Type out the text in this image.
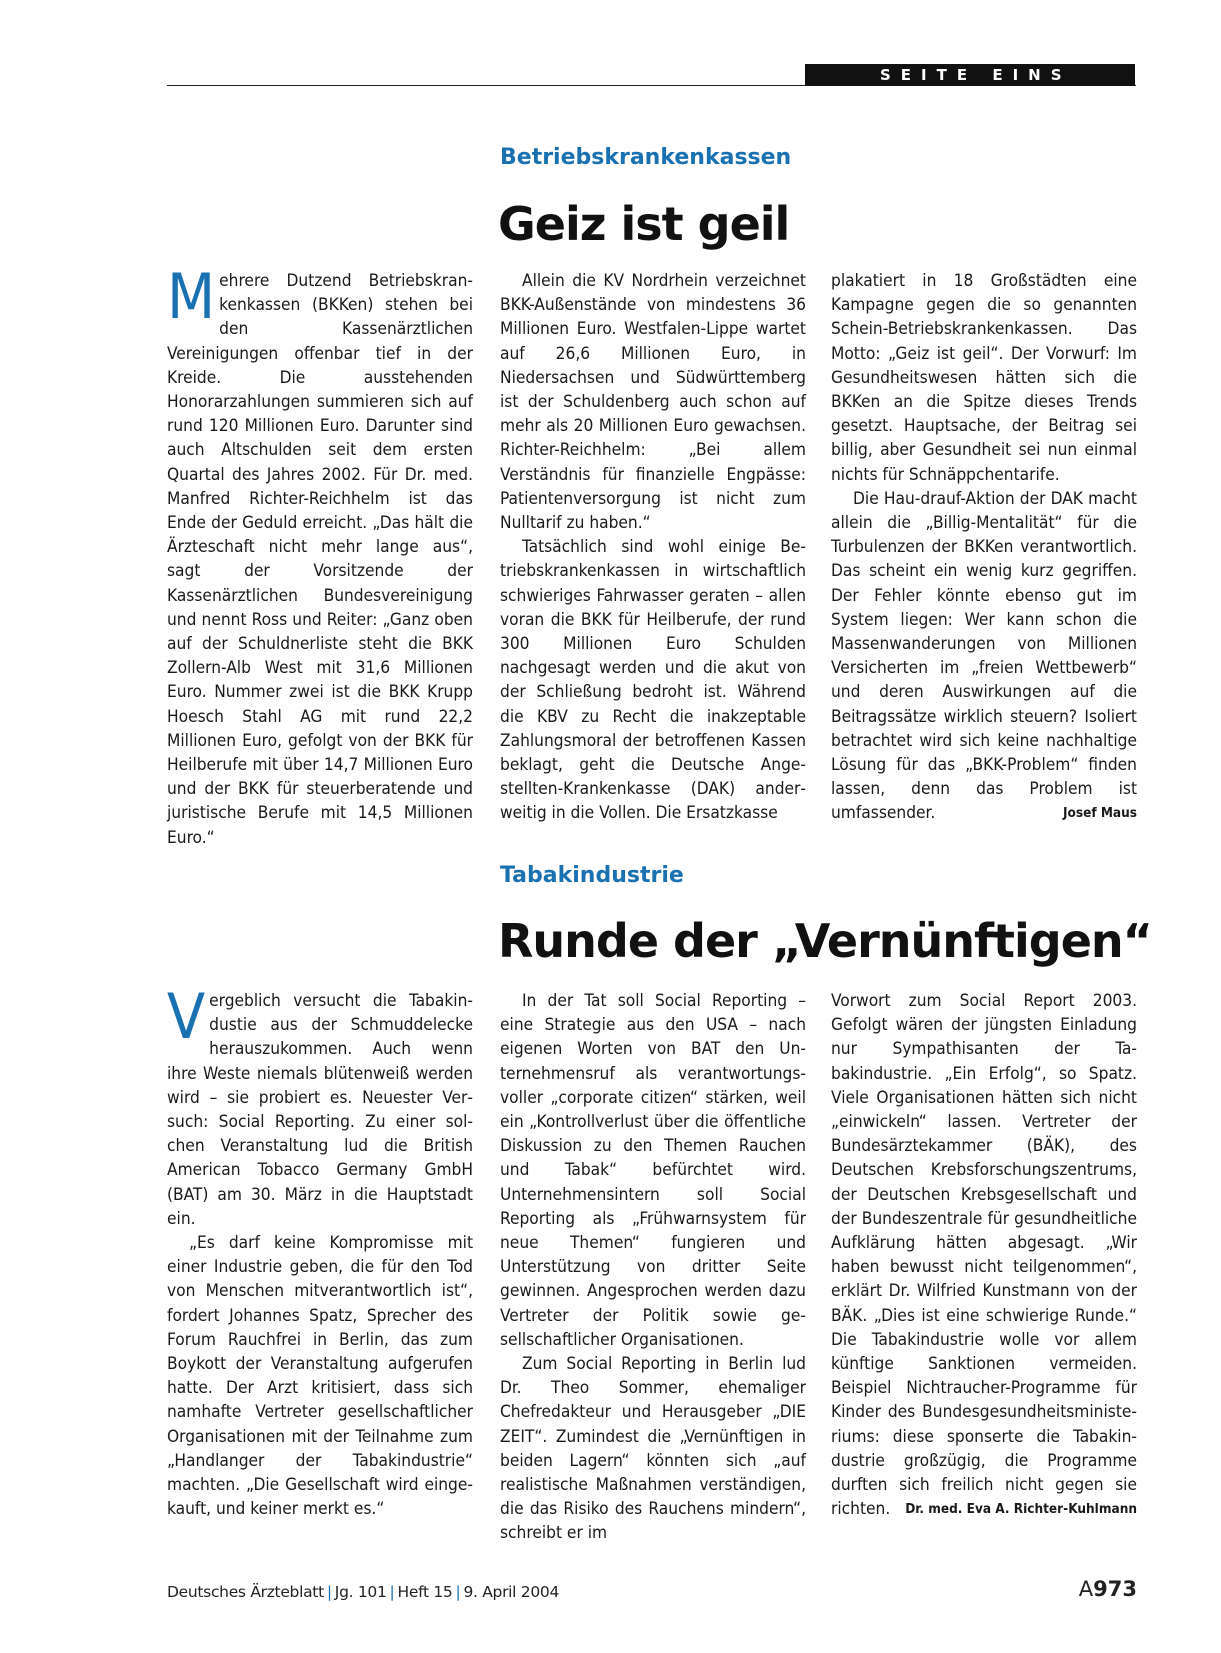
SEITE EINS
Betriebskrankenkassen
Geiz ist geil

Mehrere Dutzend Betriebskrankenkassen (BKKen) stehen bei den Kassenärztlichen Vereinigungen offenbar tief in der Kreide. Die ausstehenden Honorarzahlungen summieren sich auf rund 120 Millionen Euro. Darunter sind auch Altschulden seit dem ersten Quartal des Jahres 2002. Für Dr. med. Manfred Richter-Reichhelm ist das Ende der Geduld erreicht. „Das hält die Ärzteschaft nicht mehr lange aus“, sagt der Vorsitzende der Kassenärztlichen Bundesvereinigung und nennt Ross und Reiter: „Ganz oben auf der Schuldnerliste steht die BKK Zollern-Alb West mit 31,6 Millionen Euro. Nummer zwei ist die BKK Krupp Hoesch Stahl AG mit rund 22,2 Millionen Euro, gefolgt von der BKK für Heilberufe mit über 14,7 Millionen Euro und der BKK für steuerberatende und juristische Berufe mit 14,5 Millionen Euro.“

Allein die KV Nordrhein verzeichnet BKK-Außenstände von mindestens 36 Millionen Euro. Westfalen-Lippe wartet auf 26,6 Millionen Euro, in Niedersachsen und Südwürttemberg ist der Schuldenberg auch schon auf mehr als 20 Millionen Euro gewachsen. Richter-Reichhelm: „Bei allem Verständnis für finanzielle Engpässe: Patientenversorgung ist nicht zum Nulltarif zu haben.“

Tatsächlich sind wohl einige Betriebskrankenkassen in wirtschaftlich schwieriges Fahrwasser geraten – allen voran die BKK für Heilberufe, der rund 300 Millionen Euro Schulden nachgesagt werden und die akut von der Schließung bedroht ist. Während die KBV zu Recht die inakzeptable Zahlungsmoral der betroffenen Kassen beklagt, geht die Deutsche Angestellten-Krankenkasse (DAK) anderweitig in die Vollen. Die Ersatzkasse

plakatiert in 18 Großstädten eine Kampagne gegen die so genannten Schein-Betriebskrankenkassen. Das Motto: „Geiz ist geil“. Der Vorwurf: Im Gesundheitswesen hätten sich die BKKen an die Spitze dieses Trends gesetzt. Hauptsache, der Beitrag sei billig, aber Gesundheit sei nun einmal nichts für Schnäppchentarife.

Die Hau-drauf-Aktion der DAK macht allein die „Billig-Mentalität“ für die Turbulenzen der BKKen verantwortlich. Das scheint ein wenig kurz gegriffen. Der Fehler könnte ebenso gut im System liegen: Wer kann schon die Massenwanderungen von Millionen Versicherten im „freien Wettbewerb“ und deren Auswirkungen auf die Beitragssätze wirklich steuern? Isoliert betrachtet wird sich keine nachhaltige Lösung für das „BKK-Problem“ finden lassen, denn das Problem ist umfassender.	Josef Maus

Tabakindustrie
Runde der „Vernünftigen“

Vergeblich versucht die Tabakindustie aus der Schmuddelecke herauszukommen. Auch wenn ihre Weste niemals blütenweiß werden wird – sie probiert es. Neuester Versuch: Social Reporting. Zu einer solchen Veranstaltung lud die British American Tobacco Germany GmbH (BAT) am 30. März in die Hauptstadt ein.

„Es darf keine Kompromisse mit einer Industrie geben, die für den Tod von Menschen mitverantwortlich ist“, fordert Johannes Spatz, Sprecher des Forum Rauchfrei in Berlin, das zum Boykott der Veranstaltung aufgerufen hatte. Der Arzt kritisiert, dass sich namhafte Vertreter gesellschaftlicher Organisationen mit der Teilnahme zum „Handlanger der Tabakindustrie“ machten. „Die Gesellschaft wird eingekauft, und keiner merkt es.“

In der Tat soll Social Reporting – eine Strategie aus den USA – nach eigenen Worten von BAT den Unternehmensruf als verantwortungsvoller „corporate citizen“ stärken, weil ein „Kontrollverlust über die öffentliche Diskussion zu den Themen Rauchen und Tabak“ befürchtet wird. Unternehmensintern soll Social Reporting als „Frühwarnsystem für neue Themen“ fungieren und Unterstützung von dritter Seite gewinnen. Angesprochen werden dazu Vertreter der Politik sowie gesellschaftlicher Organisationen.

Zum Social Reporting in Berlin lud Dr. Theo Sommer, ehemaliger Chefredakteur und Herausgeber „DIE ZEIT“. Zumindest die „Vernünftigen in beiden Lagern“ könnten sich „auf realistische Maßnahmen verständigen, die das Risiko des Rauchens mindern“, schreibt er im

Vorwort zum Social Report 2003. Gefolgt wären der jüngsten Einladung nur Sympathisanten der Tabakindustrie. „Ein Erfolg“, so Spatz. Viele Organisationen hätten sich nicht „einwickeln“ lassen. Vertreter der Bundesärztekammer (BÄK), des Deutschen Krebsforschungszentrums, der Deutschen Krebsgesellschaft und der Bundeszentrale für gesundheitliche Aufklärung hätten abgesagt. „Wir haben bewusst nicht teilgenommen“, erklärt Dr. Wilfried Kunstmann von der BÄK. „Dies ist eine schwierige Runde.“ Die Tabakindustrie wolle vor allem künftige Sanktionen vermeiden. Beispiel Nichtraucher-Programme für Kinder des Bundesgesundheitsministeriums: diese sponserte die Tabakindustrie großzügig, die Programme durften sich freilich nicht gegen sie richten. Dr. med. Eva A. Richter-Kuhlmann

Deutsches Ärzteblatt | Jg. 101 | Heft 15 | 9. April 2004	A973
